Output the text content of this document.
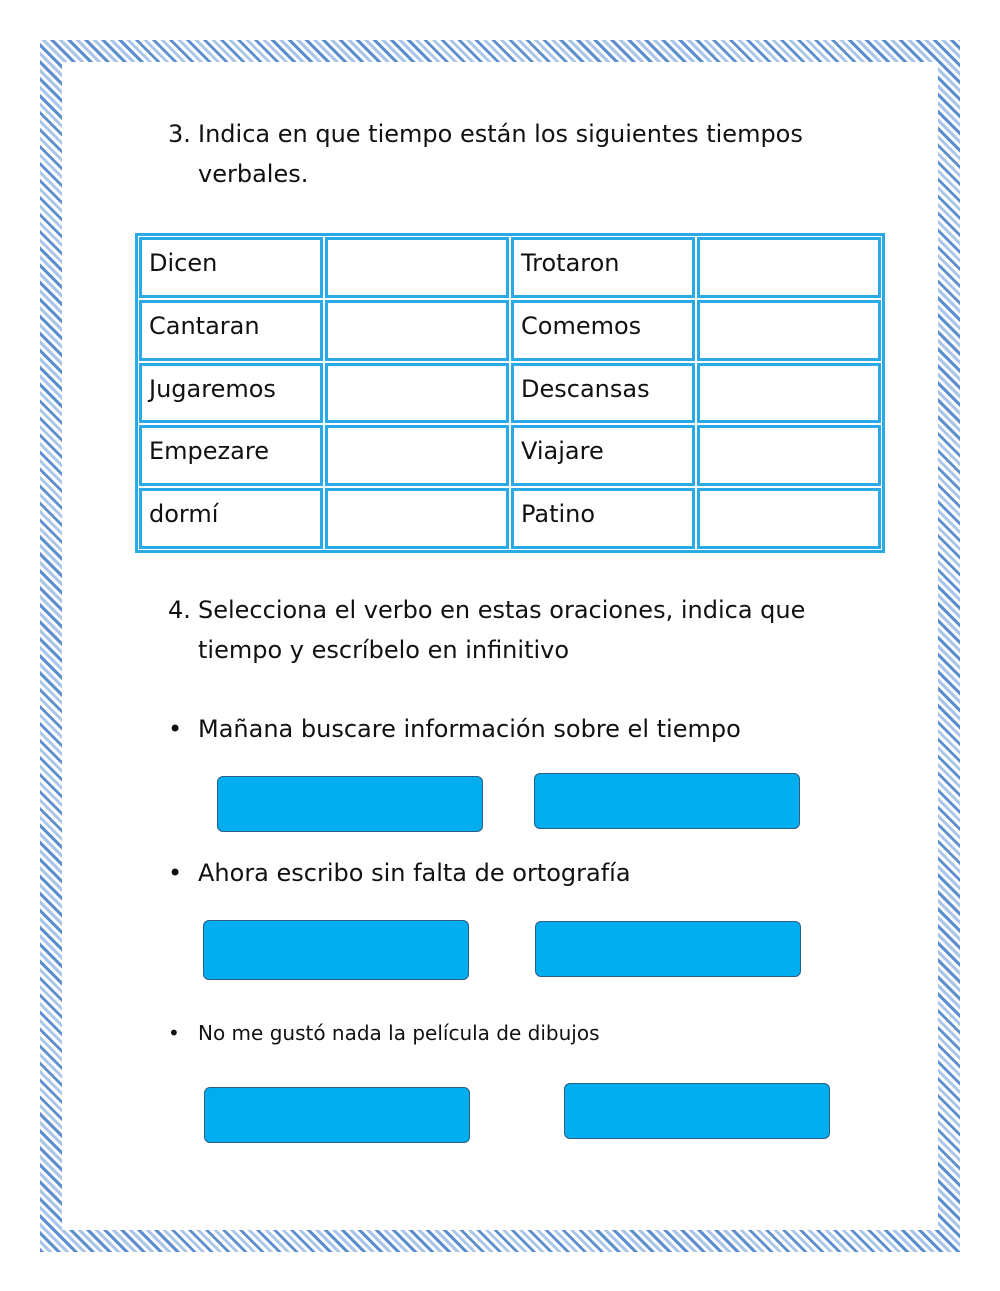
3. Indica en que tiempo están los siguientes tiempos verbales.
Dicen	Trotaron
Cantaran	Comemos
Jugaremos	Descansas
Empezare	Viajare
dormí	Patino
4. Selecciona el verbo en estas oraciones, indica que tiempo y escríbelo en infinitivo
• Mañana buscare información sobre el tiempo
• Ahora escribo sin falta de ortografía
• No me gustó nada la película de dibujos
